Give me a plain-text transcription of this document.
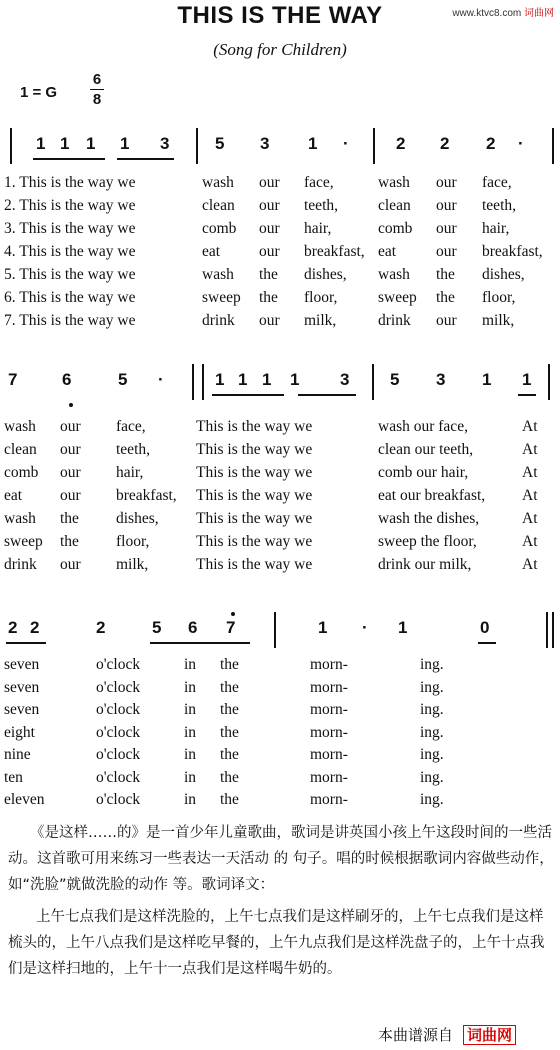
THIS IS THE WAY
(Song for Children)
www.ktvc8.com 词曲网
1 = G
6
8
1 1 1 1 3	5 3 1 ·	2 2 2 ·
1. This is the way we	wash our face,	wash our face,
2. This is the way we	clean our teeth,	clean our teeth,
3. This is the way we	comb our hair,	comb our hair,
4. This is the way we	eat	our breakfast, eat	our breakfast,
5. This is the way we	wash the dishes, wash the dishes,
6. This is the way we	sweep the floor,	sweep the floor,
7. This is the way we	drink our milk,	drink our milk,
7	6	5 ·	1 1 1 1 3 5 3 1 1
wash our face,	This is the way we	wash our face,	At
clean our teeth,	This is the way we	clean our teeth,	At
comb our hair,	This is the way we	comb our hair,	At
eat our breakfast, This is the way we	eat our breakfast, At
wash the dishes, This is the way we	wash the dishes,	At
sweep the floor,	This is the way we	sweep the floor,	At
drink our milk,	This is the way we	drink our milk,	At
2 2	2	5 6 7	1 · 1	0
seven	o'clock	in the	morn-	ing.
seven	o'clock	in the	morn-	ing.
seven	o'clock	in the	morn-	ing.
eight	o'clock	in the	morn-	ing.
nine	o'clock	in the	morn-	ing.
ten	o'clock	in the	morn-	ing.
eleven	o'clock	in the	morn-	ing.

《是这样……的》是一首少年儿童歌曲，歌词是讲英国小孩上午这段时间的一些活动。这首歌可用来练习一些表达一天活动 的 句子。唱的时候根据歌词内容做些动作，如“洗脸”就做洗脸的动作 等。歌词译文：

上午七点我们是这样洗脸的，上午七点我们是这样刷牙的，上午七点我们是这样梳头的，上午八点我们是这样吃早餐的，上午九点我们是这样洗盘子的，上午十点我们是这样扫地的，上午十一点我们是这样喝牛奶的。

本曲谱源自 词曲网
